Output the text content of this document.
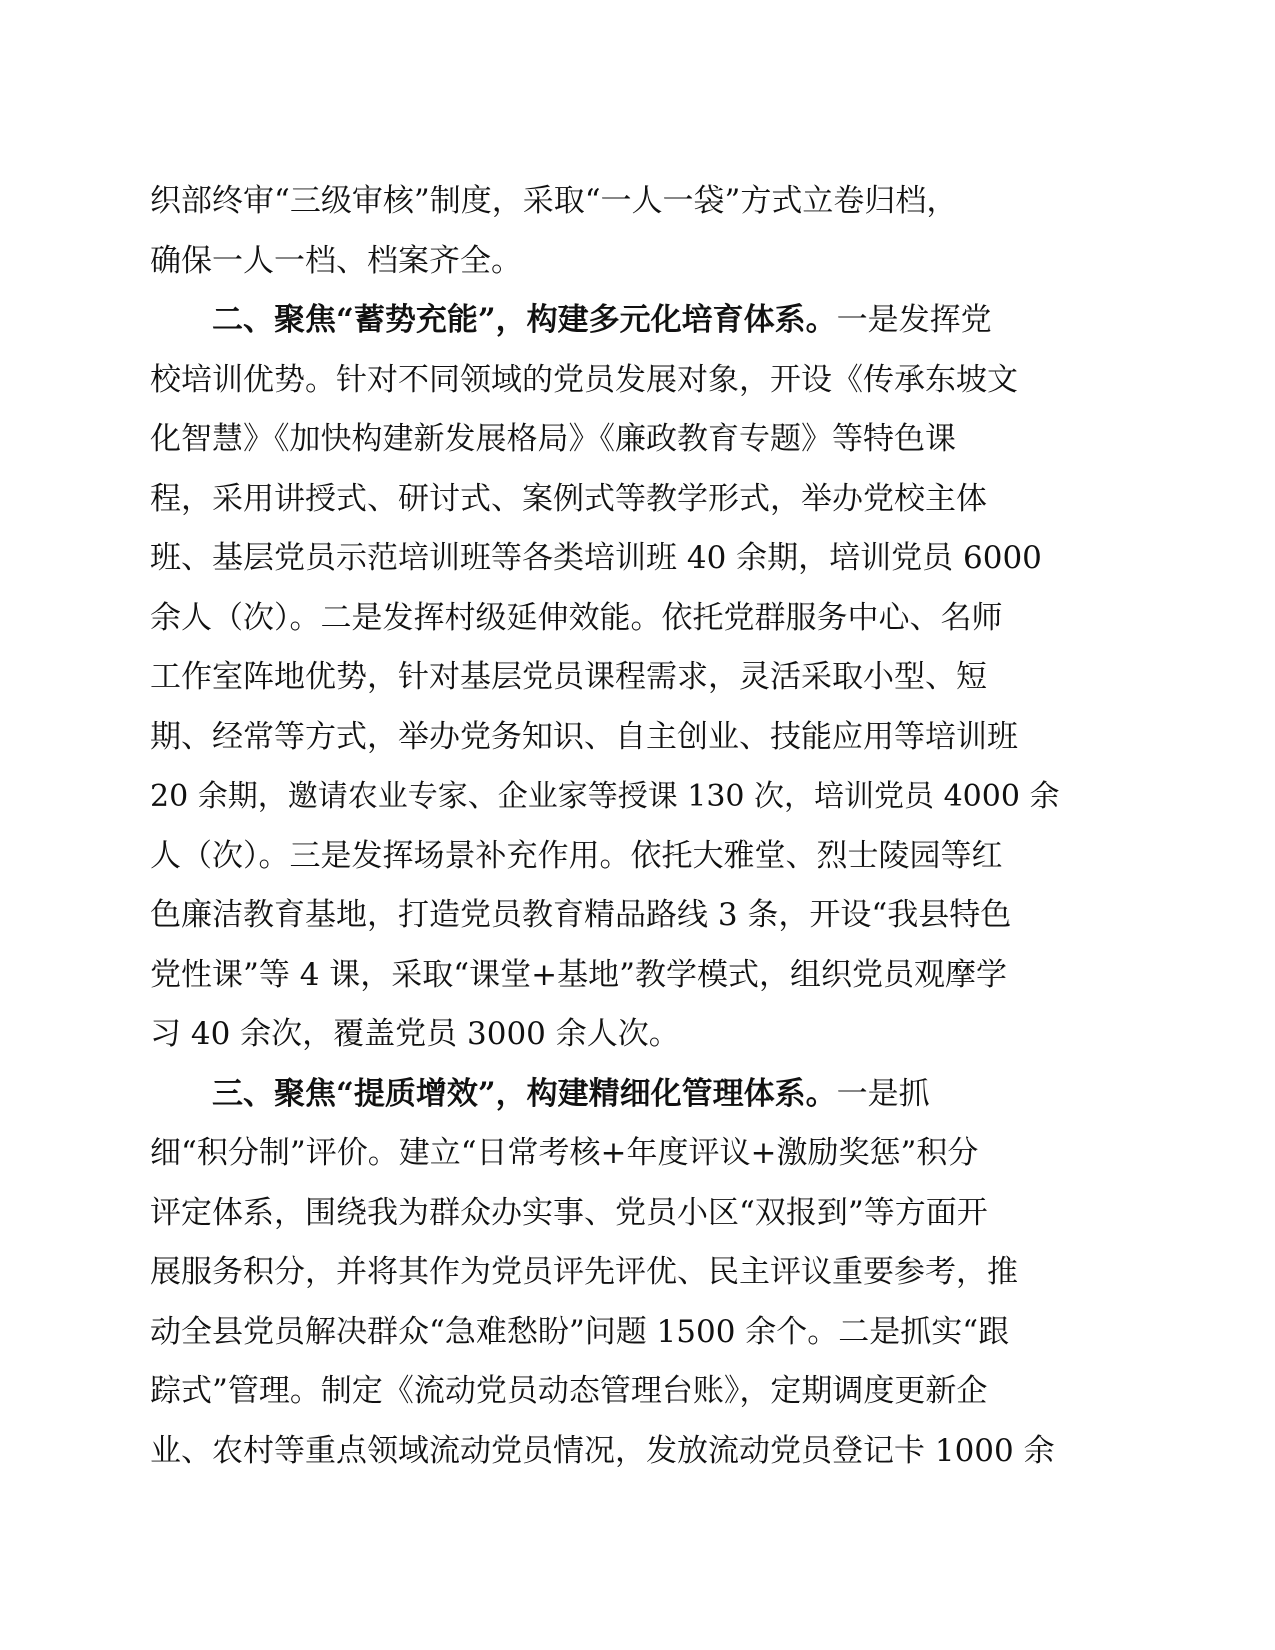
织部终审“三级审核”制度，采取“一人一袋”方式立卷归档，
确保一人一档、档案齐全。
二、聚焦“蓄势充能”，构建多元化培育体系。一是发挥党
校培训优势。针对不同领域的党员发展对象，开设《传承东坡文
化智慧》《加快构建新发展格局》《廉政教育专题》等特色课
程，采用讲授式、研讨式、案例式等教学形式，举办党校主体
班、基层党员示范培训班等各类培训班 40 余期，培训党员 6000
余人（次）。二是发挥村级延伸效能。依托党群服务中心、名师
工作室阵地优势，针对基层党员课程需求，灵活采取小型、短
期、经常等方式，举办党务知识、自主创业、技能应用等培训班
20 余期，邀请农业专家、企业家等授课 130 次，培训党员 4000 余
人（次）。三是发挥场景补充作用。依托大雅堂、烈士陵园等红
色廉洁教育基地，打造党员教育精品路线 3 条，开设“我县特色
党性课”等 4 课，采取“课堂+基地”教学模式，组织党员观摩学
习 40 余次，覆盖党员 3000 余人次。
三、聚焦“提质增效”，构建精细化管理体系。一是抓
细“积分制”评价。建立“日常考核+年度评议+激励奖惩”积分
评定体系，围绕我为群众办实事、党员小区“双报到”等方面开
展服务积分，并将其作为党员评先评优、民主评议重要参考，推
动全县党员解决群众“急难愁盼”问题 1500 余个。二是抓实“跟
踪式”管理。制定《流动党员动态管理台账》，定期调度更新企
业、农村等重点领域流动党员情况，发放流动党员登记卡 1000 余
